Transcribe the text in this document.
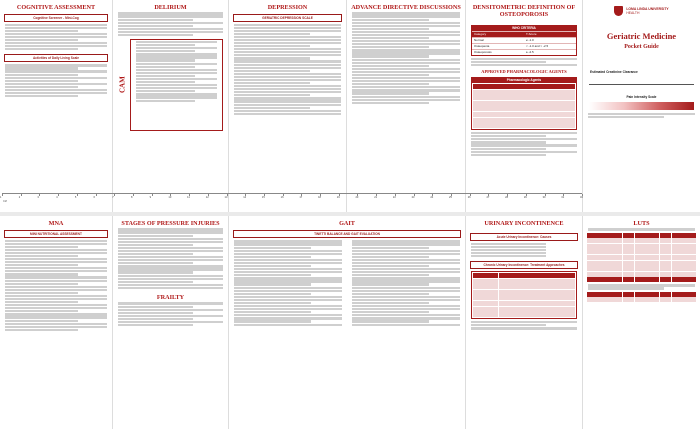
COGNITIVE ASSESSMENT
Cognitive Screener - Mini-Cog
Activities of Daily Living Scale
DELIRIUM
CAM
DEPRESSION
GERIATRIC DEPRESSION SCALE
ADVANCE DIRECTIVE DISCUSSIONS	DENSITOMETRIC DEFINITION OF OSTEOPOROSIS
WHO CRITERIA
Category	T-Score
Normal	≥ -1.0
Osteopenia	< -1.0 and > -2.5
Osteoporosis	≤ -2.5
APPROVED PHARMACOLOGIC AGENTS
Pharmacologic Agents
LOMA LINDA UNIVERSITY
HEALTH
Geriatric Medicine
Pocket Guide
Estimated Creatinine Clearance
Pain Intensity Scale
1	2	3	4	5	6	7	8	9	10	11	12	13	14	15	16	17	18	19	20	21	22	23	24	25	26	27	28	29	30	31	32
CM
MNA
MINI NUTRITIONAL ASSESSMENT
STAGES OF PRESSURE INJURIES
FRAILTY
GAIT
TINETTI BALANCE AND GAIT EVALUATION
URINARY INCONTINENCE
Acute Urinary Incontinence: Causes
Chronic Urinary Incontinence: Treatment Approaches
LUTS
